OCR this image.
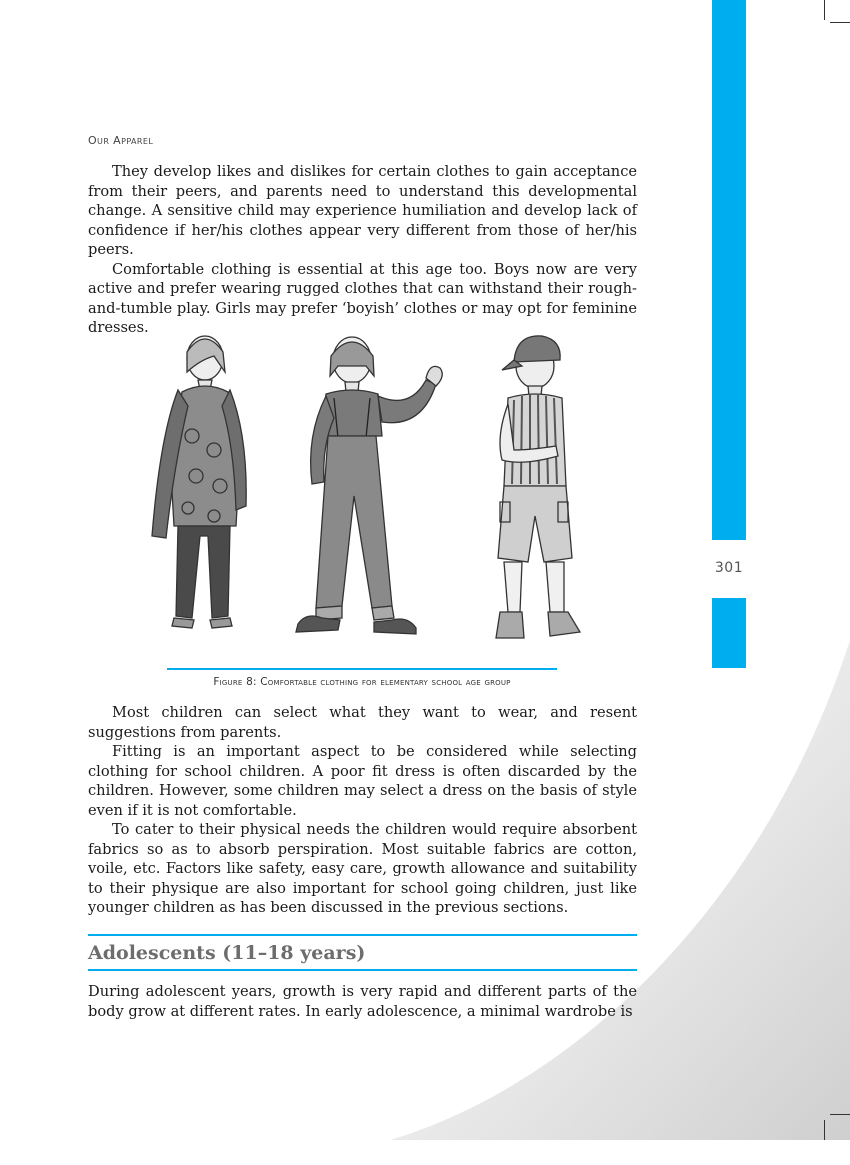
301
Our Apparel

They develop likes and dislikes for certain clothes to gain acceptance from their peers, and parents need to understand this developmental change. A sensitive child may experience humiliation and develop lack of confidence if her/his clothes appear very different from those of her/his peers.

Comfortable clothing is essential at this age too. Boys now are very active and prefer wearing rugged clothes that can withstand their rough-and-tumble play. Girls may prefer ‘boyish’ clothes or may opt for feminine dresses.

Figure 8: Comfortable clothing for elementary school age group

Most children can select what they want to wear, and resent suggestions from parents.

Fitting is an important aspect to be considered while selecting clothing for school children. A poor fit dress is often discarded by the children. However, some children may select a dress on the basis of style even if it is not comfortable.

To cater to their physical needs the children would require absorbent fabrics so as to absorb perspiration. Most suitable fabrics are cotton, voile, etc. Factors like safety, easy care, growth allowance and suitability to their physique are also important for school going children, just like younger children as has been discussed in the previous sections.

Adolescents (11–18 years)

During adolescent years, growth is very rapid and different parts of the body grow at different rates. In early adolescence, a minimal wardrobe is
